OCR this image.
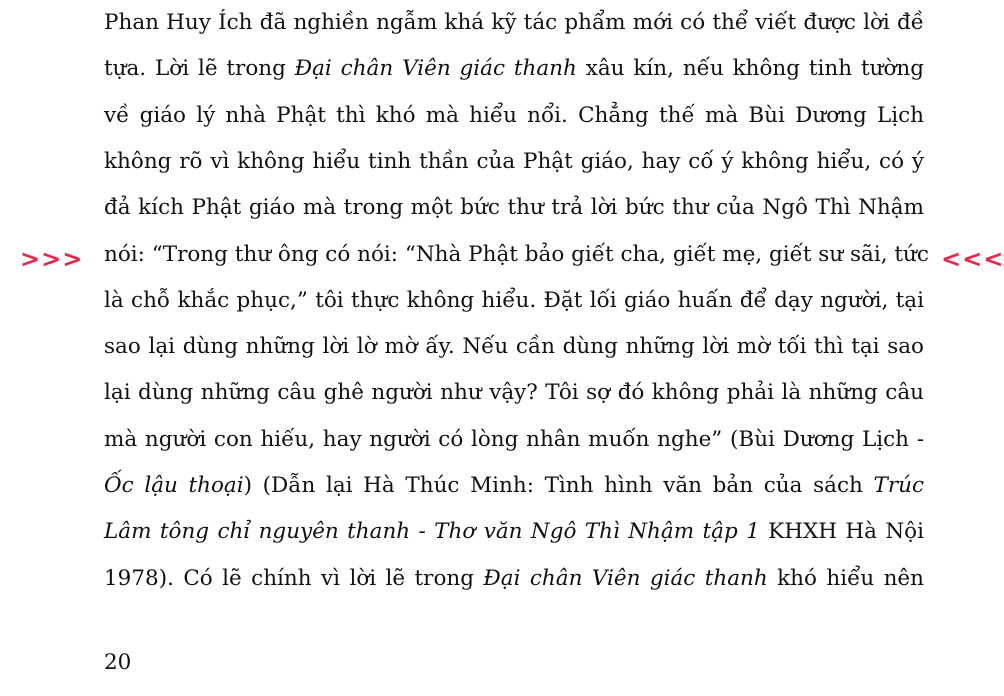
Phan Huy Ích đã nghiền ngẫm khá kỹ tác phẩm mới có thể viết được lời đề
tựa. Lời lẽ trong Đại chân Viên giác thanh xâu kín, nếu không tinh tường
về giáo lý nhà Phật thì khó mà hiểu nổi. Chẳng thế mà Bùi Dương Lịch
không rõ vì không hiểu tinh thần của Phật giáo, hay cố ý không hiểu, có ý
đả kích Phật giáo mà trong một bức thư trả lời bức thư của Ngô Thì Nhậm
nói: “Trong thư ông có nói: “Nhà Phật bảo giết cha, giết mẹ, giết sư sãi, tức
là chỗ khắc phục,” tôi thực không hiểu. Đặt lối giáo huấn để dạy người, tại
sao lại dùng những lời lờ mờ ấy. Nếu cần dùng những lời mờ tối thì tại sao
lại dùng những câu ghê người như vậy? Tôi sợ đó không phải là những câu
mà người con hiếu, hay người có lòng nhân muốn nghe” (Bùi Dương Lịch -
Ốc lậu thoại) (Dẫn lại Hà Thúc Minh: Tình hình văn bản của sách Trúc
Lâm tông chỉ nguyên thanh - Thơ văn Ngô Thì Nhậm tập 1 KHXH Hà Nội
1978). Có lẽ chính vì lời lẽ trong Đại chân Viên giác thanh khó hiểu nên
>>>	<<<
20
